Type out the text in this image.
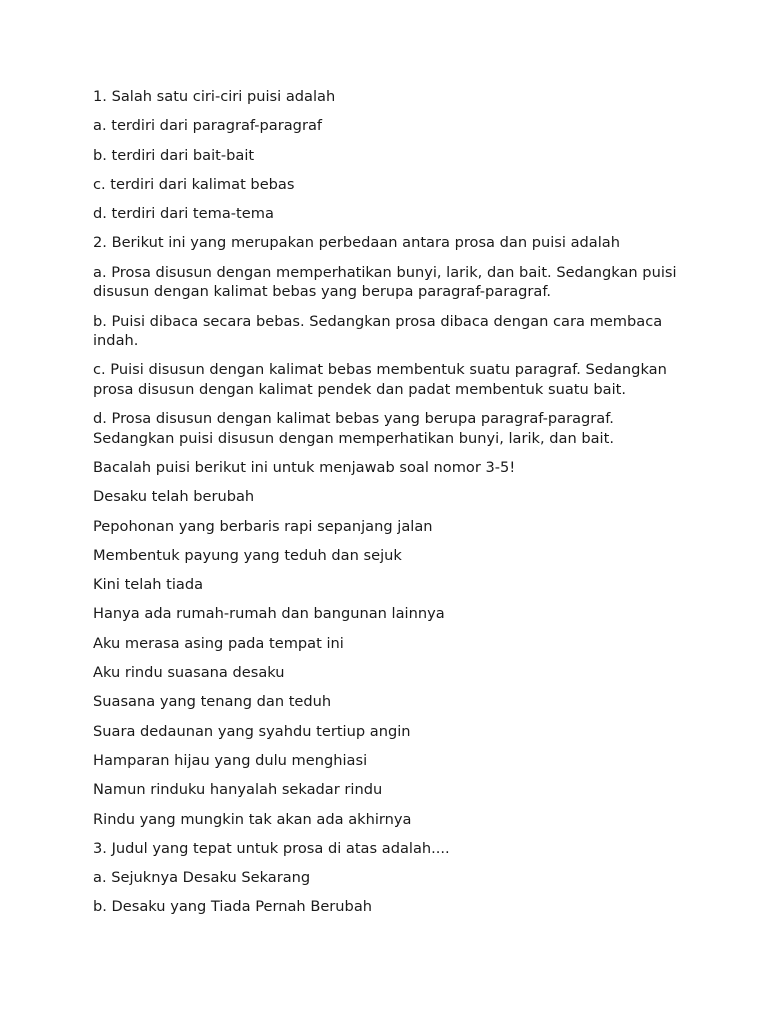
1. Salah satu ciri-ciri puisi adalah

a. terdiri dari paragraf-paragraf

b. terdiri dari bait-bait

c. terdiri dari kalimat bebas

d. terdiri dari tema-tema

2. Berikut ini yang merupakan perbedaan antara prosa dan puisi adalah

a. Prosa disusun dengan memperhatikan bunyi, larik, dan bait. Sedangkan puisi disusun dengan kalimat bebas yang berupa paragraf-paragraf.

b. Puisi dibaca secara bebas. Sedangkan prosa dibaca dengan cara membaca indah.

c. Puisi disusun dengan kalimat bebas membentuk suatu paragraf. Sedangkan prosa disusun dengan kalimat pendek dan padat membentuk suatu bait.

d. Prosa disusun dengan kalimat bebas yang berupa paragraf-paragraf. Sedangkan puisi disusun dengan memperhatikan bunyi, larik, dan bait.

Bacalah puisi berikut ini untuk menjawab soal nomor 3-5!

Desaku telah berubah

Pepohonan yang berbaris rapi sepanjang jalan

Membentuk payung yang teduh dan sejuk

Kini telah tiada

Hanya ada rumah-rumah dan bangunan lainnya

Aku merasa asing pada tempat ini

Aku rindu suasana desaku

Suasana yang tenang dan teduh

Suara dedaunan yang syahdu tertiup angin

Hamparan hijau yang dulu menghiasi

Namun rinduku hanyalah sekadar rindu

Rindu yang mungkin tak akan ada akhirnya

3. Judul yang tepat untuk prosa di atas adalah....

a. Sejuknya Desaku Sekarang

b. Desaku yang Tiada Pernah Berubah
